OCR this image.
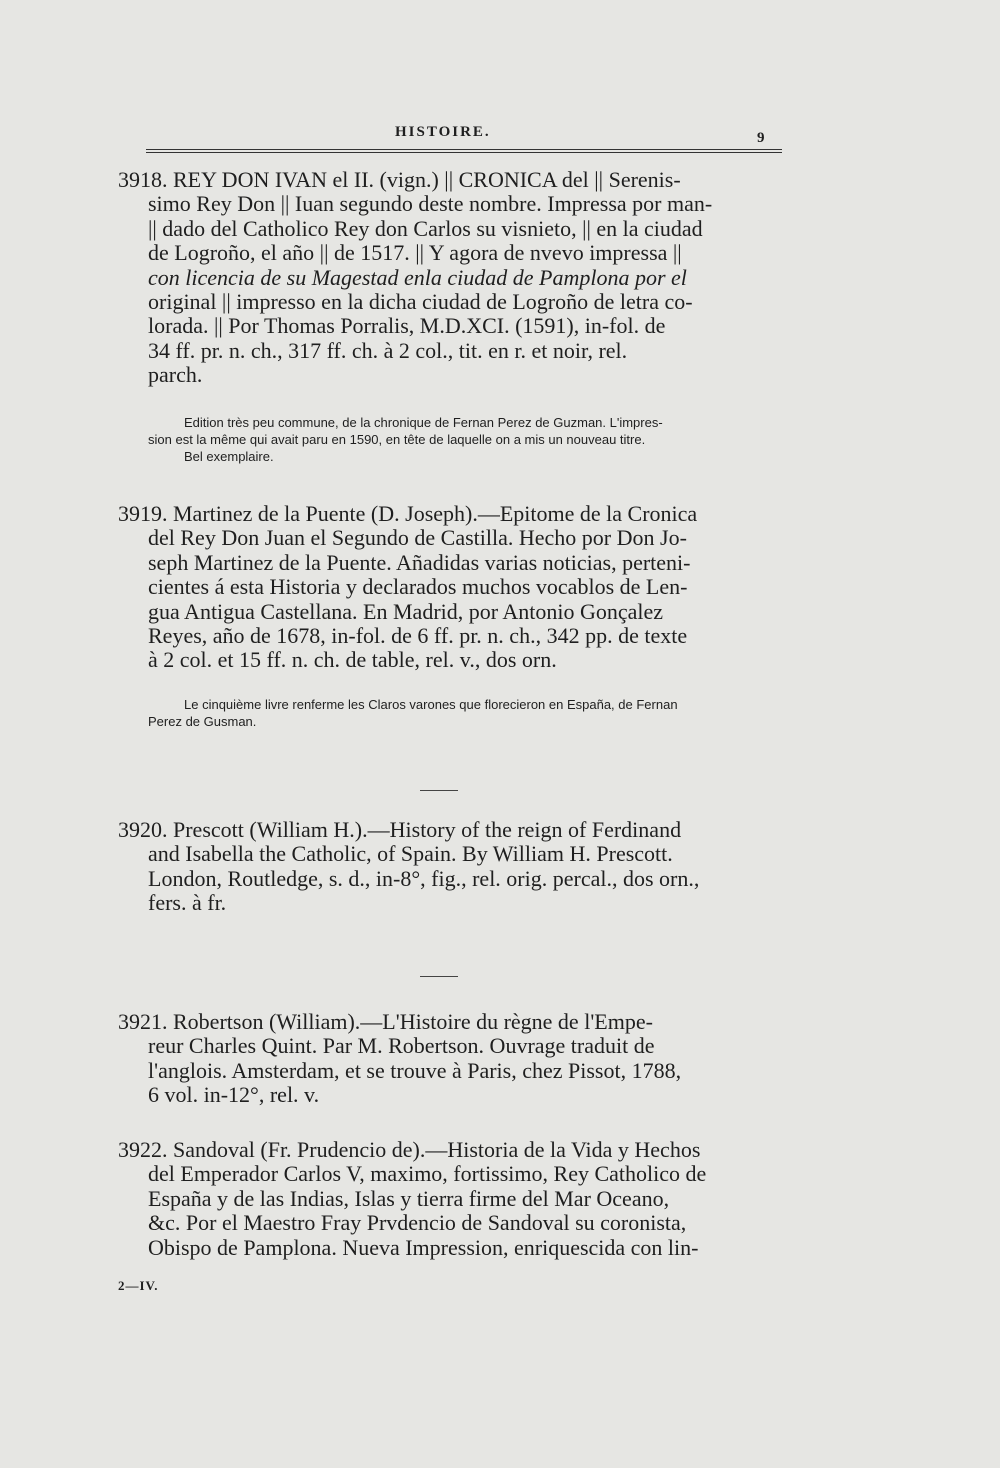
HISTOIRE.	9
3918. REY DON IVAN el II. (vign.) || CRONICA del || Serenis-
simo Rey Don || Iuan segundo deste nombre. Impressa por man-
|| dado del Catholico Rey don Carlos su visnieto, || en la ciudad
de Logroño, el año || de 1517. || Y agora de nvevo impressa ||
con licencia de su Magestad enla ciudad de Pamplona por el
original || impresso en la dicha ciudad de Logroño de letra co-
lorada. || Por Thomas Porralis, M.D.XCI. (1591), in-fol. de
34 ff. pr. n. ch., 317 ff. ch. à 2 col., tit. en r. et noir, rel.
parch.
Edition très peu commune, de la chronique de Fernan Perez de Guzman. L'impres-
sion est la même qui avait paru en 1590, en tête de laquelle on a mis un nouveau titre.
Bel exemplaire.
3919. Martinez de la Puente (D. Joseph).—Epitome de la Cronica
del Rey Don Juan el Segundo de Castilla. Hecho por Don Jo-
seph Martinez de la Puente. Añadidas varias noticias, perteni-
cientes á esta Historia y declarados muchos vocablos de Len-
gua Antigua Castellana. En Madrid, por Antonio Gonçalez
Reyes, año de 1678, in-fol. de 6 ff. pr. n. ch., 342 pp. de texte
à 2 col. et 15 ff. n. ch. de table, rel. v., dos orn.
Le cinquième livre renferme les Claros varones que florecieron en España, de Fernan
Perez de Gusman.
3920. Prescott (William H.).—History of the reign of Ferdinand
and Isabella the Catholic, of Spain. By William H. Prescott.
London, Routledge, s. d., in-8°, fig., rel. orig. percal., dos orn.,
fers. à fr.
3921. Robertson (William).—L'Histoire du règne de l'Empe-
reur Charles Quint. Par M. Robertson. Ouvrage traduit de
l'anglois. Amsterdam, et se trouve à Paris, chez Pissot, 1788,
6 vol. in-12°, rel. v.
3922. Sandoval (Fr. Prudencio de).—Historia de la Vida y Hechos
del Emperador Carlos V, maximo, fortissimo, Rey Catholico de
España y de las Indias, Islas y tierra firme del Mar Oceano,
&c. Por el Maestro Fray Prvdencio de Sandoval su coronista,
Obispo de Pamplona. Nueva Impression, enriquescida con lin-
2—IV.
